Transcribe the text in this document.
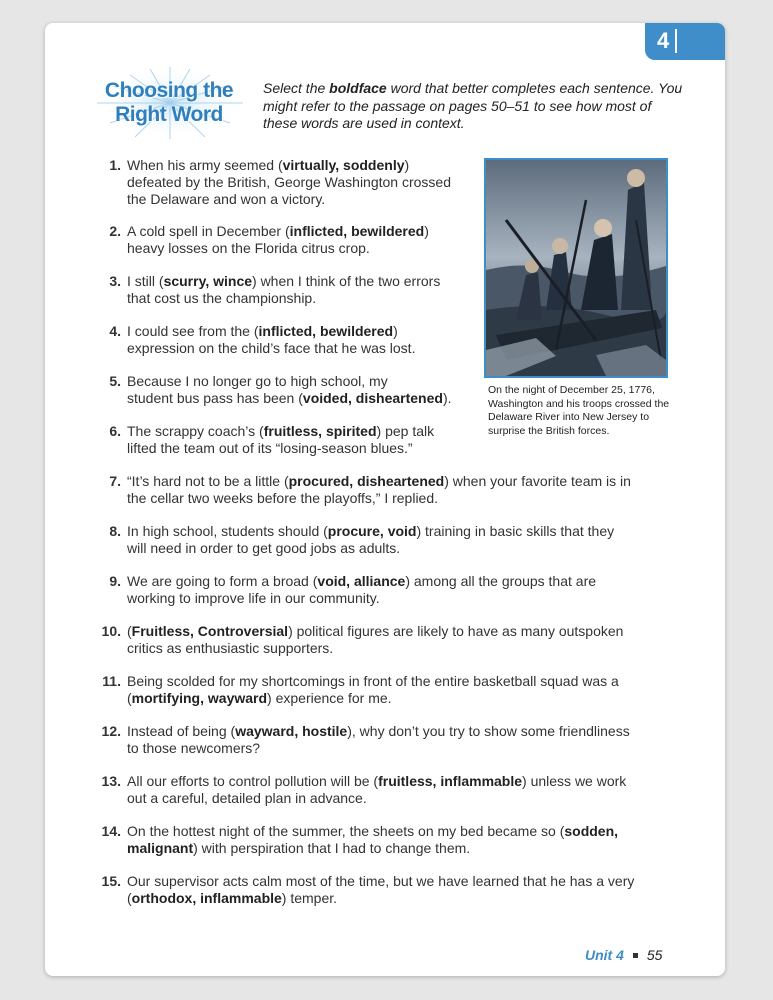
4
Choosing the
Right Word
Select the boldface word that better completes each sentence. You might refer to the passage on pages 50–51 to see how most of these words are used in context.
On the night of December 25, 1776, Washington and his troops crossed the Delaware River into New Jersey to surprise the British forces.
1. When his army seemed (virtually, soddenly)
defeated by the British, George Washington crossed
the Delaware and won a victory.
2. A cold spell in December (inflicted, bewildered)
heavy losses on the Florida citrus crop.
3. I still (scurry, wince) when I think of the two errors
that cost us the championship.
4. I could see from the (inflicted, bewildered)
expression on the child’s face that he was lost.
5. Because I no longer go to high school, my
student bus pass has been (voided, disheartened).
6. The scrappy coach’s (fruitless, spirited) pep talk
lifted the team out of its “losing-season blues.”
7. “It’s hard not to be a little (procured, disheartened) when your favorite team is in
the cellar two weeks before the playoffs,” I replied.
8. In high school, students should (procure, void) training in basic skills that they
will need in order to get good jobs as adults.
9. We are going to form a broad (void, alliance) among all the groups that are
working to improve life in our community.
10. (Fruitless, Controversial) political figures are likely to have as many outspoken
critics as enthusiastic supporters.
11. Being scolded for my shortcomings in front of the entire basketball squad was a
(mortifying, wayward) experience for me.
12. Instead of being (wayward, hostile), why don’t you try to show some friendliness
to those newcomers?
13. All our efforts to control pollution will be (fruitless, inflammable) unless we work
out a careful, detailed plan in advance.
14. On the hottest night of the summer, the sheets on my bed became so (sodden,
malignant) with perspiration that I had to change them.
15. Our supervisor acts calm most of the time, but we have learned that he has a very
(orthodox, inflammable) temper.
Unit 4 55
